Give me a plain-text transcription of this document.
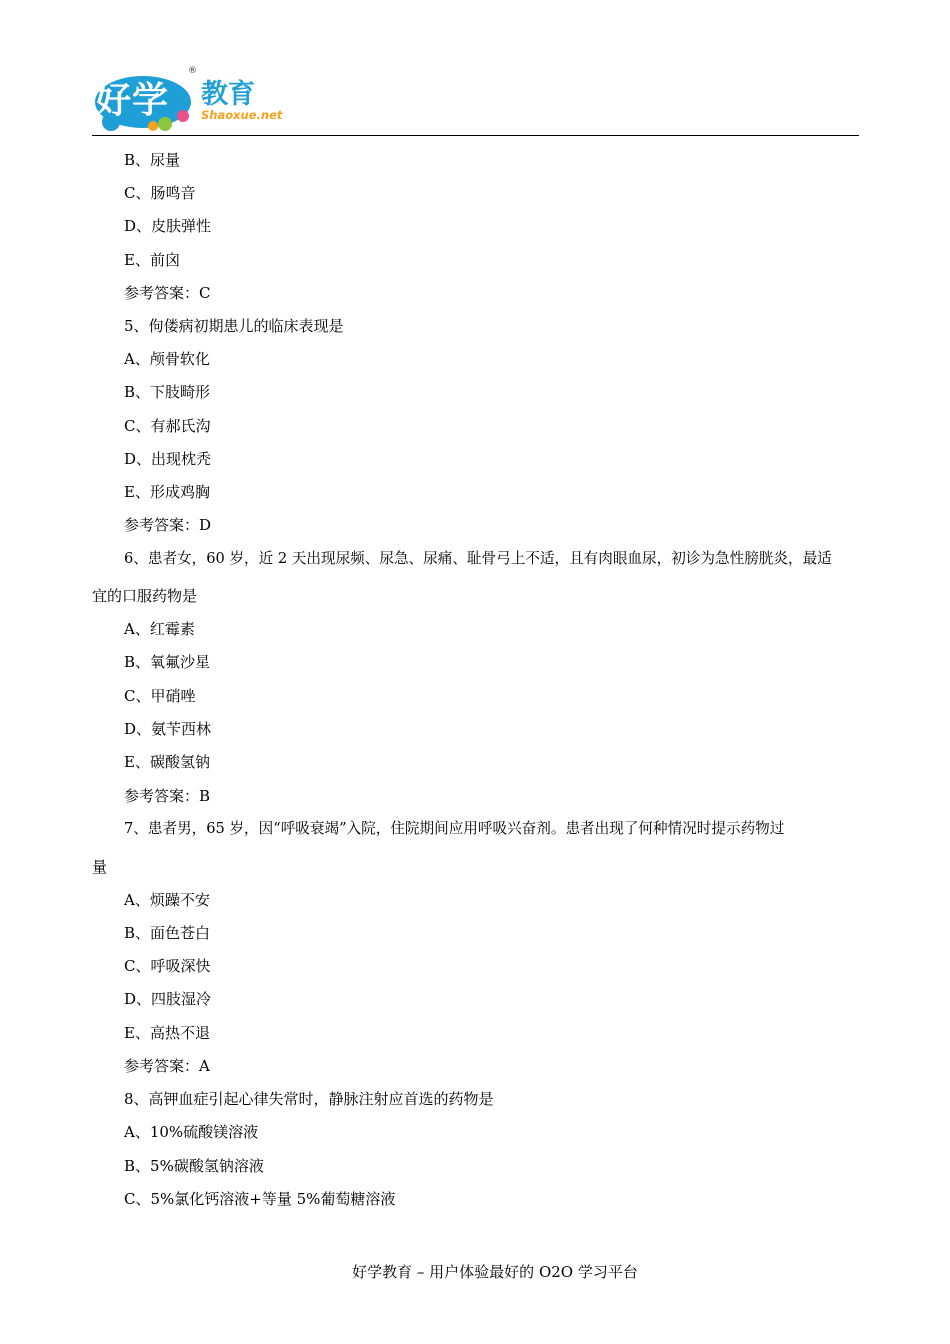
好学
®
教育
Shaoxue.net
B、尿量
C、肠鸣音
D、皮肤弹性
E、前囟
参考答案：C
5、佝偻病初期患儿的临床表现是
A、颅骨软化
B、下肢畸形
C、有郝氏沟
D、出现枕秃
E、形成鸡胸
参考答案：D
6、患者女，60 岁，近 2 天出现尿频、尿急、尿痛、耻骨弓上不适，且有肉眼血尿，初诊为急性膀胱炎，最适
宜的口服药物是
A、红霉素
B、氧氟沙星
C、甲硝唑
D、氨苄西林
E、碳酸氢钠
参考答案：B
7、患者男，65 岁，因“呼吸衰竭”入院，住院期间应用呼吸兴奋剂。患者出现了何种情况时提示药物过
量
A、烦躁不安
B、面色苍白
C、呼吸深快
D、四肢湿冷
E、高热不退
参考答案：A
8、高钾血症引起心律失常时，静脉注射应首选的药物是
A、10%硫酸镁溶液
B、5%碳酸氢钠溶液
C、5%氯化钙溶液+等量 5%葡萄糖溶液
好学教育 – 用户体验最好的 O2O 学习平台
